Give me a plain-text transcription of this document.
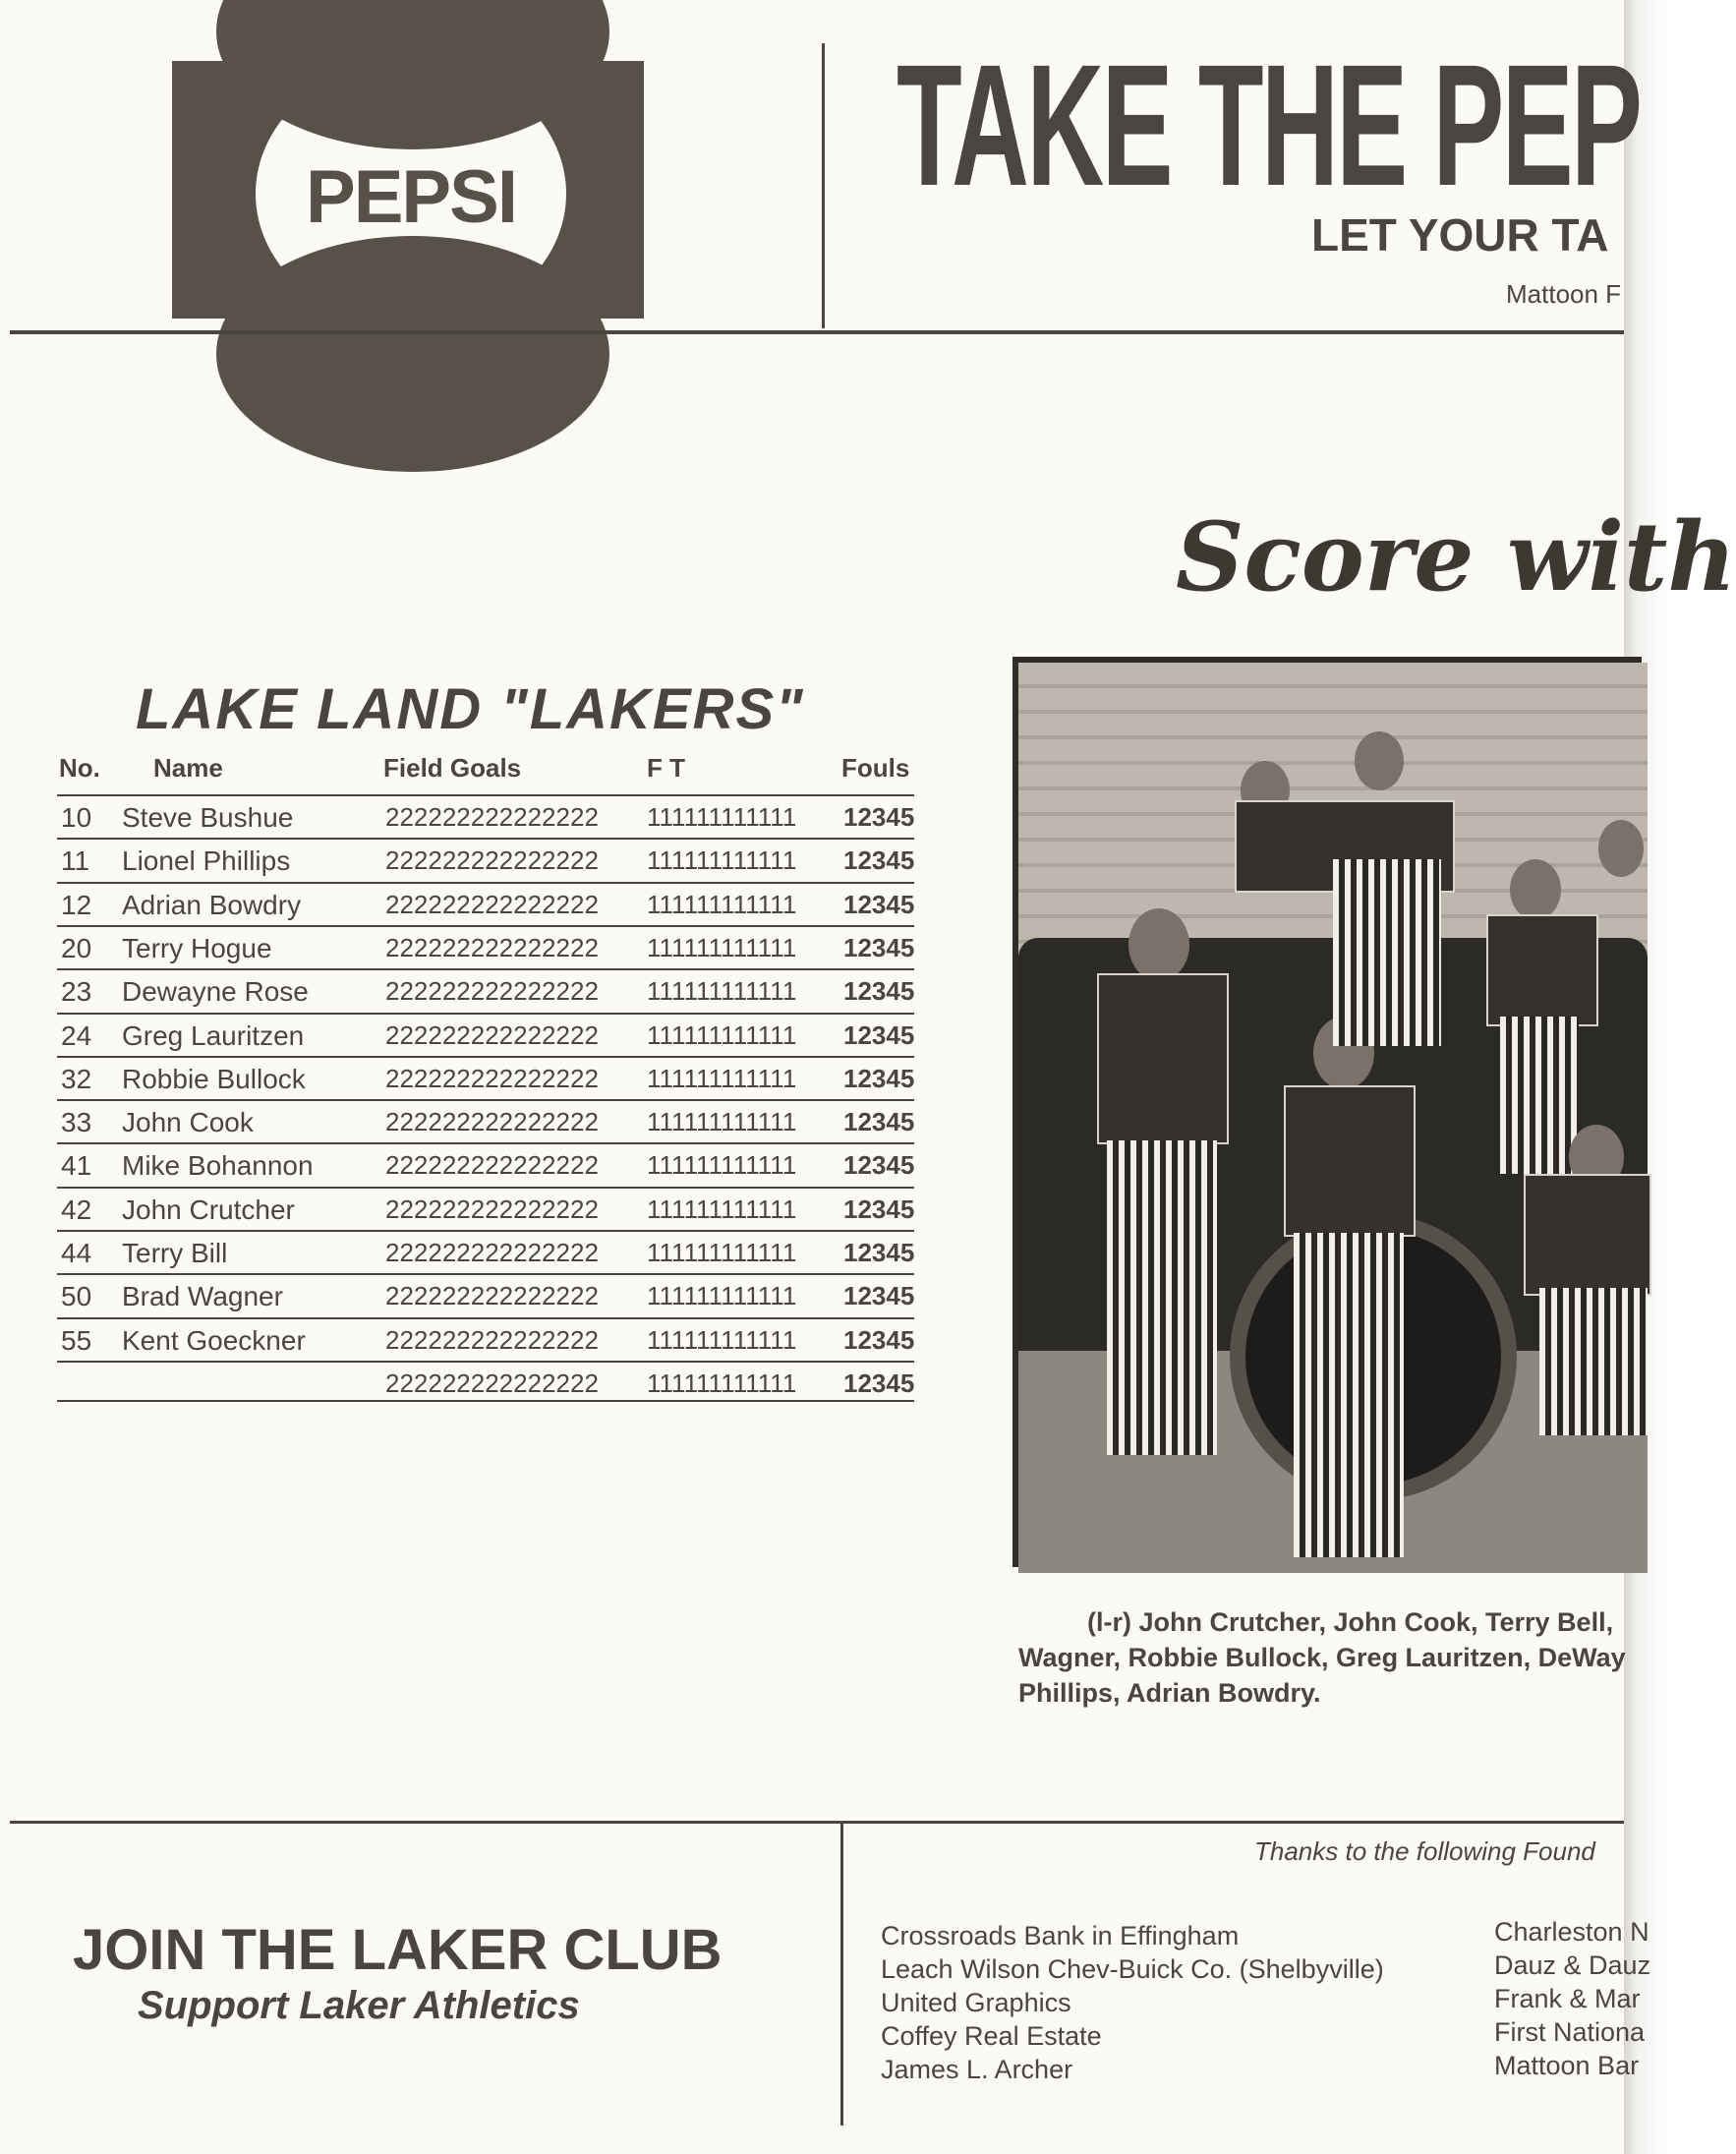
PEPSI TAKE THE PEP
LET YOUR TA
Mattoon F
Score with
LAKE LAND "LAKERS"
No. Name	Field Goals	F T	Fouls
10 Steve Bushue	222222222222222 111111111111 12345
11 Lionel Phillips	222222222222222 111111111111 12345
12 Adrian Bowdry	222222222222222 111111111111 12345
20 Terry Hogue	222222222222222 111111111111 12345
23 Dewayne Rose	222222222222222 111111111111 12345
24 Greg Lauritzen	222222222222222 111111111111 12345
32 Robbie Bullock	222222222222222 111111111111 12345
33 John Cook	222222222222222 111111111111 12345
41 Mike Bohannon	222222222222222 111111111111 12345
42 John Crutcher	222222222222222 111111111111 12345
44 Terry Bill	222222222222222 111111111111 12345
50 Brad Wagner	222222222222222 111111111111 12345
55 Kent Goeckner	222222222222222 111111111111 12345
222222222222222 111111111111 12345
(l-r) John Crutcher, John Cook, Terry Bell,
Wagner, Robbie Bullock, Greg Lauritzen, DeWay
Phillips, Adrian Bowdry.
JOIN THE LAKER CLUB
Support Laker Athletics
Thanks to the following Found
Crossroads Bank in Effingham
Leach Wilson Chev-Buick Co. (Shelbyville)
United Graphics
Coffey Real Estate
James L. Archer
Charleston N
Dauz & Dauz
Frank & Mar
First Nationa
Mattoon Bar
